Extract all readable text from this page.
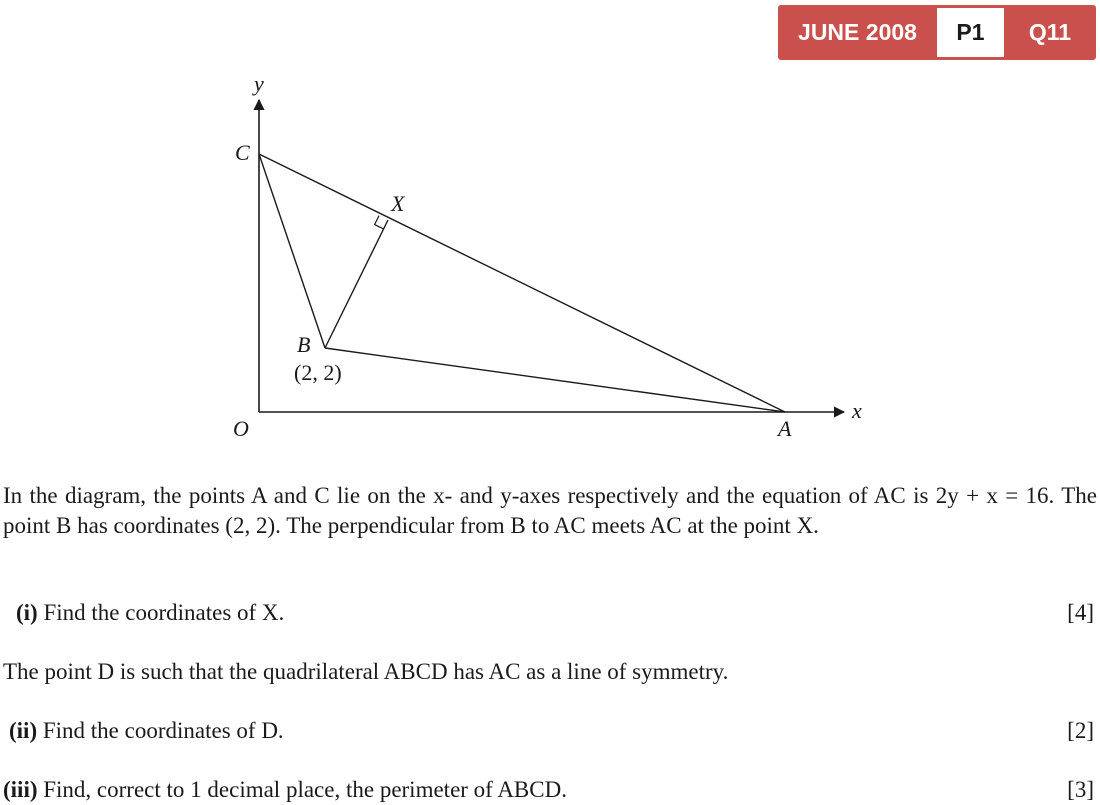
JUNE 2008	P1	Q11
y
x
O
C
X
B
(2, 2)
A
In the diagram, the points A and C lie on the x- and y-axes respectively and the equation of AC is 2y + x = 16. The point B has coordinates (2, 2). The perpendicular from B to AC meets AC at the point X.
(i) Find the coordinates of X.	[4]
The point D is such that the quadrilateral ABCD has AC as a line of symmetry.
(ii) Find the coordinates of D.	[2]
(iii) Find, correct to 1 decimal place, the perimeter of ABCD.	[3]
